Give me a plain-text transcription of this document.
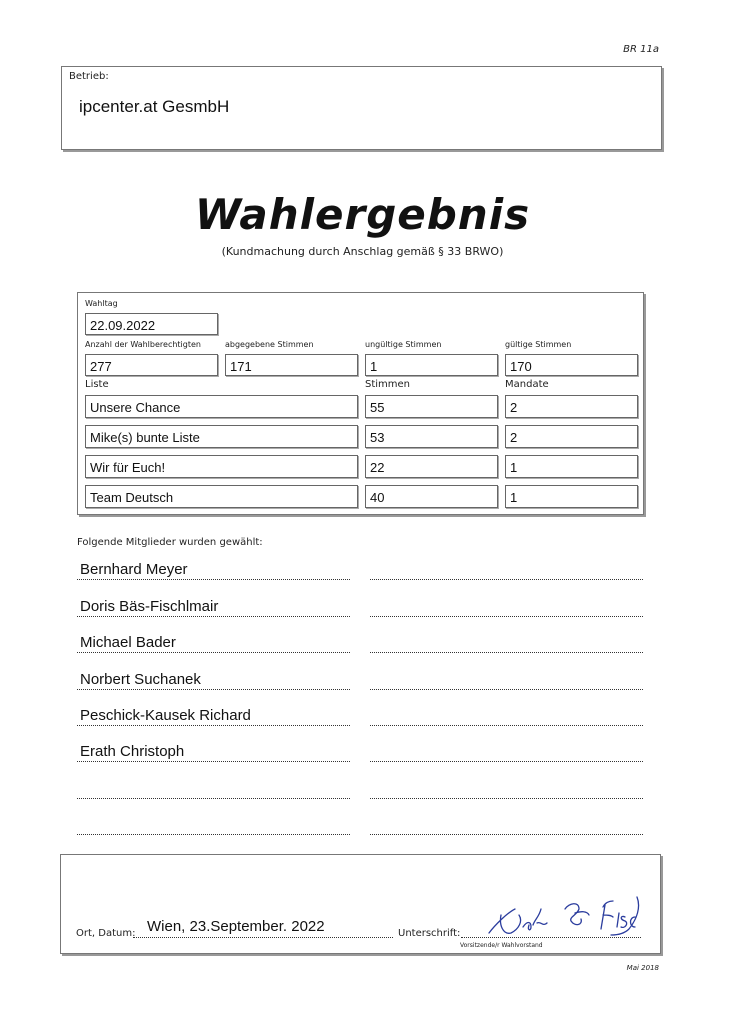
BR 11a
Betrieb:
ipcenter.at GesmbH
Wahlergebnis
(Kundmachung durch Anschlag gemäß § 33 BRWO)
Wahltag
22.09.2022
Anzahl der Wahlberechtigten	abgegebene Stimmen	ungültige Stimmen	gültige Stimmen
277	171	1	170
Liste	Stimmen	Mandate
Unsere Chance	55	2
Mike(s) bunte Liste	53	2
Wir für Euch!	22	1
Team Deutsch	40	1
Folgende Mitglieder wurden gewählt:
Bernhard Meyer
Doris Bäs-Fischlmair
Michael Bader
Norbert Suchanek
Peschick-Kausek Richard
Erath Christoph
Ort, Datum: Wien, 23.September. 2022	Unterschrift:
Vorsitzende/r Wahlvorstand
Mai 2018
